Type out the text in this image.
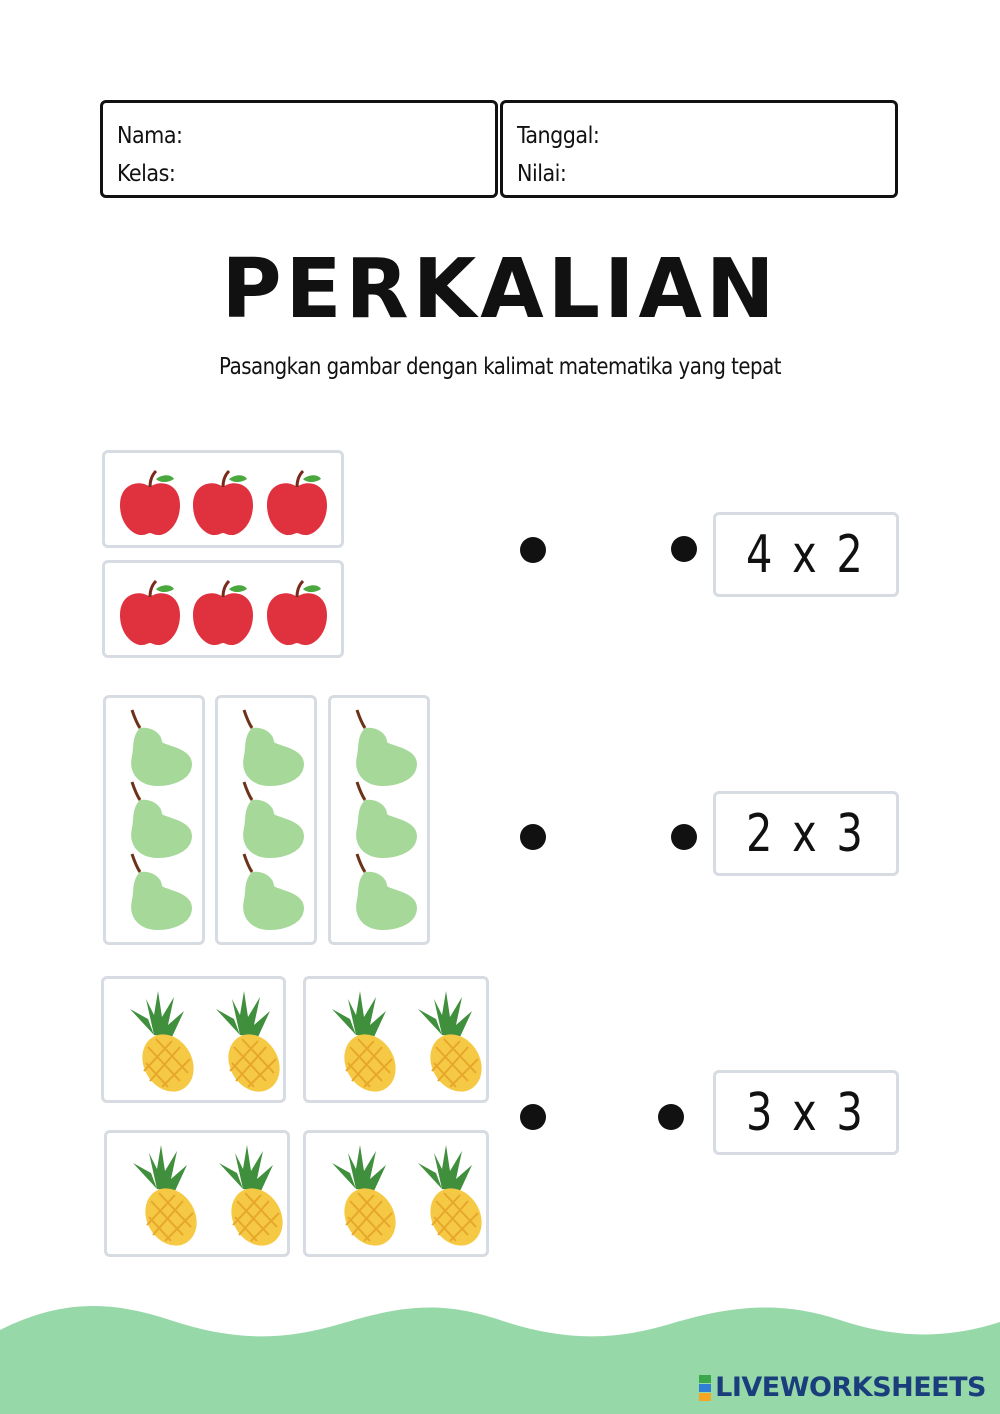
Nama:
Kelas:
Tanggal:
Nilai:
PERKALIAN
Pasangkan gambar dengan kalimat matematika yang tepat
4 x 2
2 x 3
3 x 3
LIVEWORKSHEETS
